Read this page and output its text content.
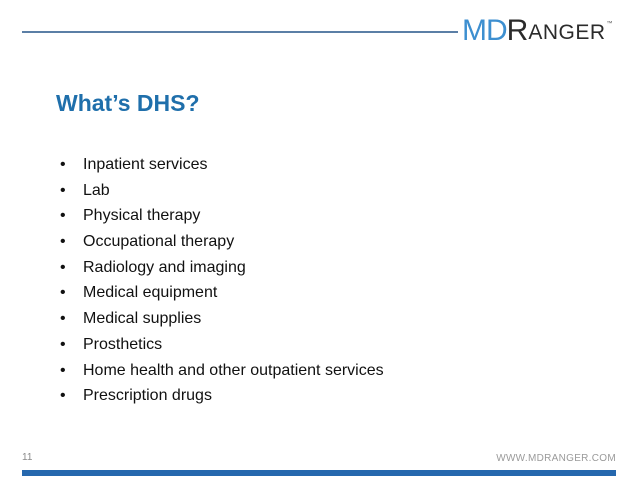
MD R ANGER ™
What’s DHS?
•	Inpatient services
•	Lab
•	Physical therapy
•	Occupational therapy
•	Radiology and imaging
•	Medical equipment
•	Medical supplies
•	Prosthetics
•	Home health and other outpatient services
•	Prescription drugs
11	WWW.MDRANGER.COM
